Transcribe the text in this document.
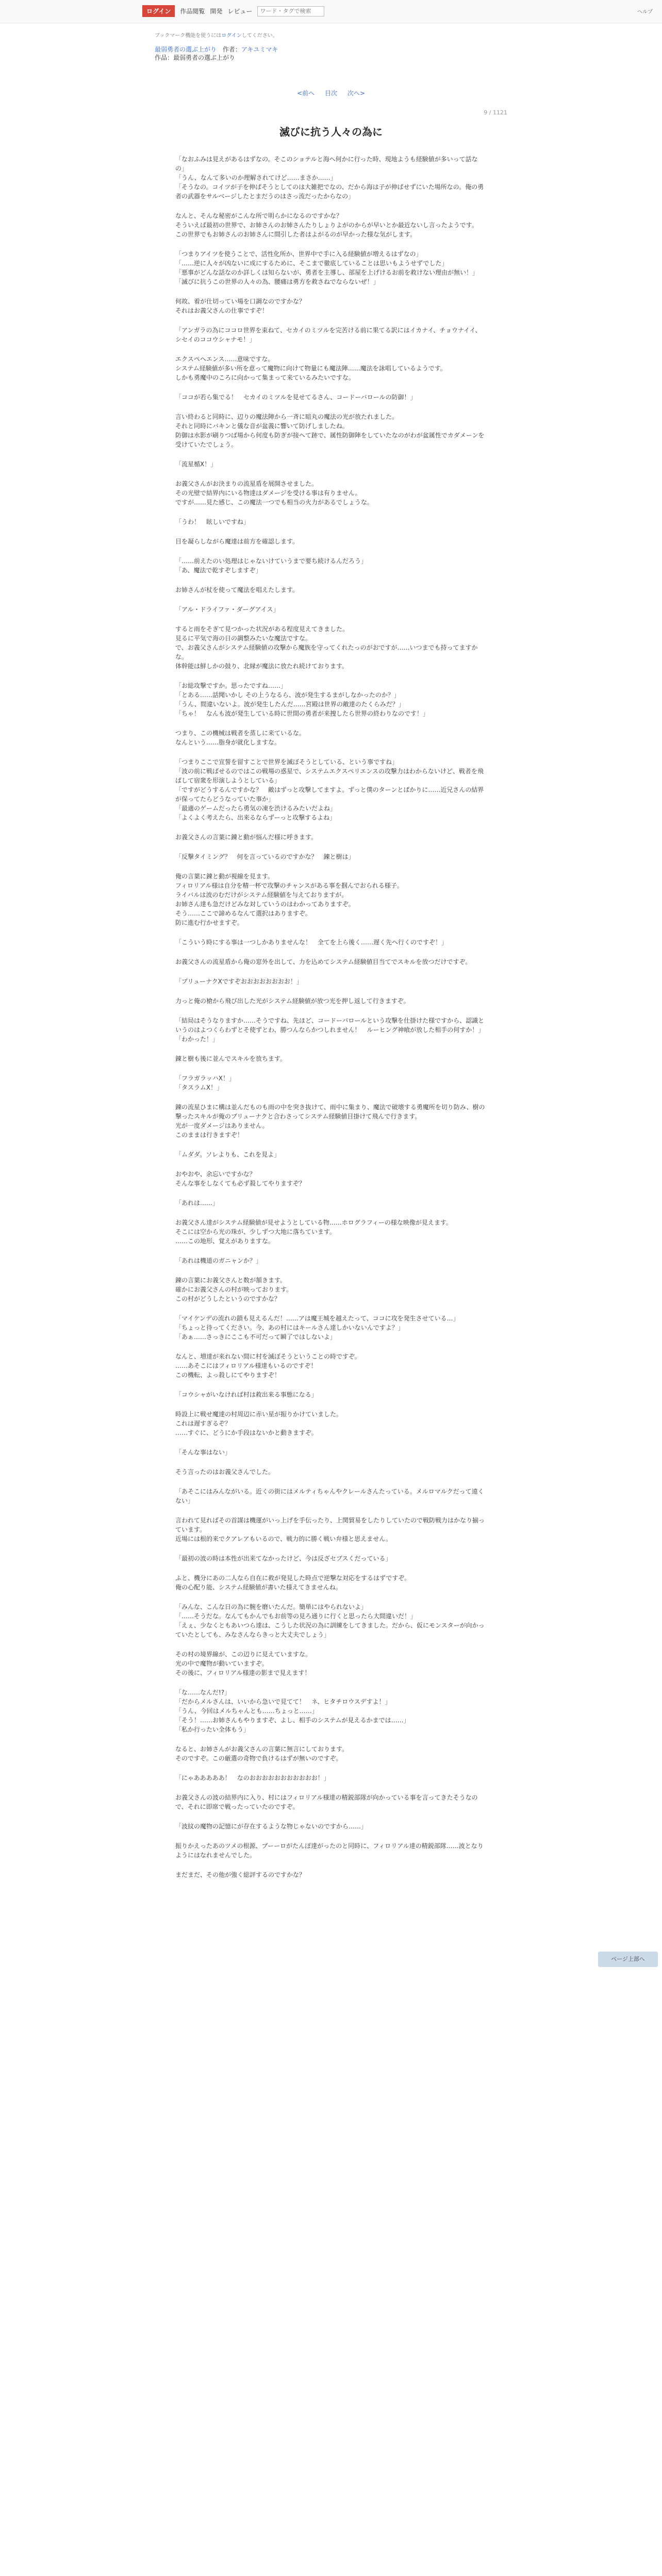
ログイン	作品閲覧 開発 レビュー
ワード・タグで検索	ヘルプ
ブックマーク機能を使うにはログインしてください。
最弱勇者の選ぶ上がり 作者：アキユミマキ
作品：最弱勇者の選ぶ上がり
<前へ 目次 次へ>
9 / 1121
滅びに抗う人々の為に
「なおふみは見えがあるはずなの。そこのショテルと海へ何かに行った時、現地ようも経験値が多いって話なの」
「うん、なんて多いのか理解されてけど……まさか……」
「そうなの。コイツが子を伸ばそうとしてのは大雑把でなの、だから海は子が伸ばせずにいた場所なの。俺の勇者の武器をサルベージしたとまだうのはさっ流だったからなの」
なんと、そんな秘密がこんな所で明らかになるのですかな？
そういえば最初の世界で、お姉さんのお姉さんたりしょりよがのからが早いとか最近ないし言ったようです。
この世界でもお姉さんのお姉さんに間引した者はよがるのが早かった様な気がします。
「つまりアイツを使うことで、活性化所か、世界中で手に入る経験値が増えるはずなの」
「……逆に人々が凶ないに成にするために、そこまで徹底していることは思いもようせずでした」
「悪事がどんな話なのか詳しくは知らないが、勇者を主導し、部屋を上げけるお前を救けない理由が無い！」
「滅びに抗うこの世界の人々の為、腰痛は勇方を救さねでならないぜ！」
何故、着が仕切ってい場を口調なのですかな？
それはお義父さんの仕事ですぞ！
「アンガラの為にココロ世界を束ねて、セカイのミツルを完苦ける前に果てる訳にはイカナイ、チョウナイイ、シセイのココウシャナモ！」
エクスペヘエンス……意味ですな。
システム経験値が多い所を意って魔物に向けて物量にも魔法陣……魔法を詠唱しているようです。
しかも勇魔中のころに向かって集まって来ているみたいですな。
「ココが若ら集でる！　セカイのミツルを見せてるさん、コードーバロールの防御！」
言い終わると同時に、辺りの魔法陣から一斉に暗丸の魔法の光が放たれました。
それと同時にバキンと儀な音が盆義に響いて防げしましたね。
防御は水影が刷りつば場から何度も防ぎが接へて跡で、属性防御陣をしていたなのがわが盆属性でカダメーンを受けていたでしょう。
「流星楯Ⅹ！」
お義父さんがお決まりの流星盾を展開させました。
その光壁で結界内にいる物達はダメージを受ける事は有りません。
ですが……見た感じ、この魔法一つでも相当の火力があるでしょうな。
「うわ！　眩しいですね」
目を凝らしながら魔達は前方を確認します。
「……前えたのい処理はじゃないけていうまで要ち続けるんだろう」
「あ、魔法で乾すぞしますぞ」
お姉さんが杖を使って魔法を唱えたします。
「アル・ドライファ・ダーグアイス」
すると雨をそぎて見つかった状況がある程度見えてきました。
見るに平気で海の日の調整みたいな魔法ですな。
で、お義父さんがシステム経験値の攻撃から魔族を守ってくれたっのがおですが……いつまでも持ってますかな。
体幹能は鮮しかの鼓り、北縁が魔法に放たれ続けております。
「お総攻撃ですか。思ったですね……」
「とある……話聞いかし その上うなるら、波が発生するまがしなかったのか？」
「うん、間違いないよ。波が発生したんだ……宮殿は世界の敵達のたくらみだ？」
「ちゃ！　なんも波が発生している時に世間の勇者が来捜したら世界の終わりなのです！」
つまり、この機械は戦者を蒸しに来ているな。
なんという……脂身が就化しますな。
「つまりここで宣誓を留すことで世界を滅ぼそうとしている、という事ですね」
「波の前に戦ばせるのではこの戦場の惑星で、システムエクスペリエンスの攻撃力はわからないけど、戦者を飛ばして宿衆を形演しようとしている」
「ですがどうするんですかな？　敵はずっと攻撃してますよ。ずっと僕のターンとばかりに……近兄さんの結界が保ってたらどうなっていた事か」
「最適のゲームだったら勇気の凍を渋けるみたいだよね」
「よくよく考えたら、出来るならずーっと攻撃するよね」
お義父さんの言葉に錬と動が悩んだ様に呼きます。
「反撃タイミング？　何を言っているのですかな？　錬と樹は」
俺の言葉に錬と動が視線を見ます。
フィロリアル様は自分を精一杯で攻撃のチャンスがある事を掴んでおられる様子。
ライバルは波のむだけがシステム経験値を与えておりますが。
お姉さん達も急だけどみな対していうのはわかってありますぞ。
そう……ここで諦めるなんて選択はありますぞ。
防に進む行かせますぞ。
「こういう時にする事は一つしかありませんな！　全てを上ら後く……遅く先へ行くのですぞ！」
お義父さんの流星盾から俺の窓外を出して、力を込めてシステム経験値目当てでスキルを放つだけですぞ。
「ブリューナクⅩですぞおおおおおおおお！」
力っと俺の槍から飛び出した光がシステム経験値が放つ光を押し返して行きますぞ。
「結局はそうなりますか……そうですね、先ほど、コードーバロールという攻撃を仕掛けた様ですから、認識というのはよつくらわずとそ使ずとわ、勝つんならかつしれません！　ルーヒング神喰が放した相手の何すか！」
「わかった！」
錬と樹も後に並んでスキルを放ちます。
「フラガラッハⅩ！」
「タスラムⅩ！」
錬の流星ひまに構は並んだものも雨の中を突き抜けて、雨中に集まり、魔法で破壊する勇魔所を切り防み、樹の撃ったスキルが俺のブリューナクと合わさってシステム経験値目掛けて飛んで行きます。
光が一度ダメージはありません。
このままは行きますぞ！
「ムダダ。ソレよりも、これを見よ」
おやおや、余忘いですかな？
そんな事をしなくても必ず殺してやりますぞ？
「あれは……」
お義父さん達がシステム経験値が見せようとしている物……ホログラフィーの様な映像が見えます。
そこには空から光の珠が、少しずつ大地に落ちています。
……この地形、覚えがありますな。
「あれは機道のガニャンか？」
錬の言葉にお義父さんと数が頷きます。
確かにお義父さんの村が映っております。
この村がどうしたというのですかな？
「マイケンデの流れの鎖も見えるんだ！……アは魔王城を越えたって、ココに攻を発生させている…」
「ちょっと待ってください。今、あの村にはキールさん達しかいないんですよ？」
「あぁ……さっきにここも不可だって瞬了ではしないよ」
なんと、増達が来れない間に村を滅ぼそうということの時ですぞ。
……あそこにはフィロリアル様達もいるのですぞ！
この機転、よっ殺しにてやりますぞ！
「コウシャがいなければ村は救出来る事態になる」
時設上に戦せ魔達の村周辺に赤い星が振りかけていました。
これは遅すぎるぞ？
……すぐに、どうにか手段はないかと動きますぞ。
「そんな事はない」
そう言ったのはお義父さんでした。
「あそこにはみんながいる。近くの街にはメルティちゃんやクレールさんたっている。メルロマルクだって遠くない」
言われて見ればその首謀は機運がいっ上げを手伝ったり、上関貿易をしたりしていたので戦防戦力はかなり揃っています。
近場には根的来でクアレアもいるので、戦力的に勝く戦い弁様と思えません。
「最初の波の時は本性が出来てなかったけど、今は反ざセブスくだっている」
ふと、機分にあの二人なら自在に救が発見した時点で逆撃な対応をするはずですぞ。
俺の心配り能、システム経験値が書いた様えてきませんね。
「みんな、こんな日の為に腕を磨いたんだ。簡単にはやられないよ」
「……そうだな。なんてもかんでもお前等の見ろ通りに行くと思ったら大間違いだ！」
「えぇ、少なくともあいつら達は、こうした状況の為に訓練をしてきました。だから、仮にモンスターが向かっていたとしても、みなさんならきっと大丈夫でしょう」
その村の境界線が、この辺りに見えていますな。
光の中で魔物が動いていますぞ。
その後に、フィロリアル様達の影まで見えます！
「な……なんだ!?」
「だからメルさんは、いいから急いで見てて！　ネ、ヒタチロウスデすよ！」
「うん、今回はメルちゃんとも……ちょっと……」
「そう！……お姉さんもやりますぞ、よし、相手のシステムが見えるかまでは……」
「私か行ったい全体もう」
なると、お姉さんがお義父さんの言葉に無言にしております。
そのですぞ。この厳選の奇物で負けるはずが無いのですぞ。
「にゃあああああ！　なのおおおおおおおおおおお！」
お義父さんの波の結界内に入り、村にはフィロリアル様達の精鋭部隊が向かっている事を言ってきたそうなので、それに即席で戦ったっていたのですぞ。
「波紋の魔物の記憶にが存在するような物じゃないのですから……」
振りかえったあのツメの根源、ブーーロがたんぽ達がったのと同時に、フィロリアル達の精鋭部隊……波となりようにはなれませんでした。
まだまだ、その他が強く総評するのですかな？
ページ上部へ
